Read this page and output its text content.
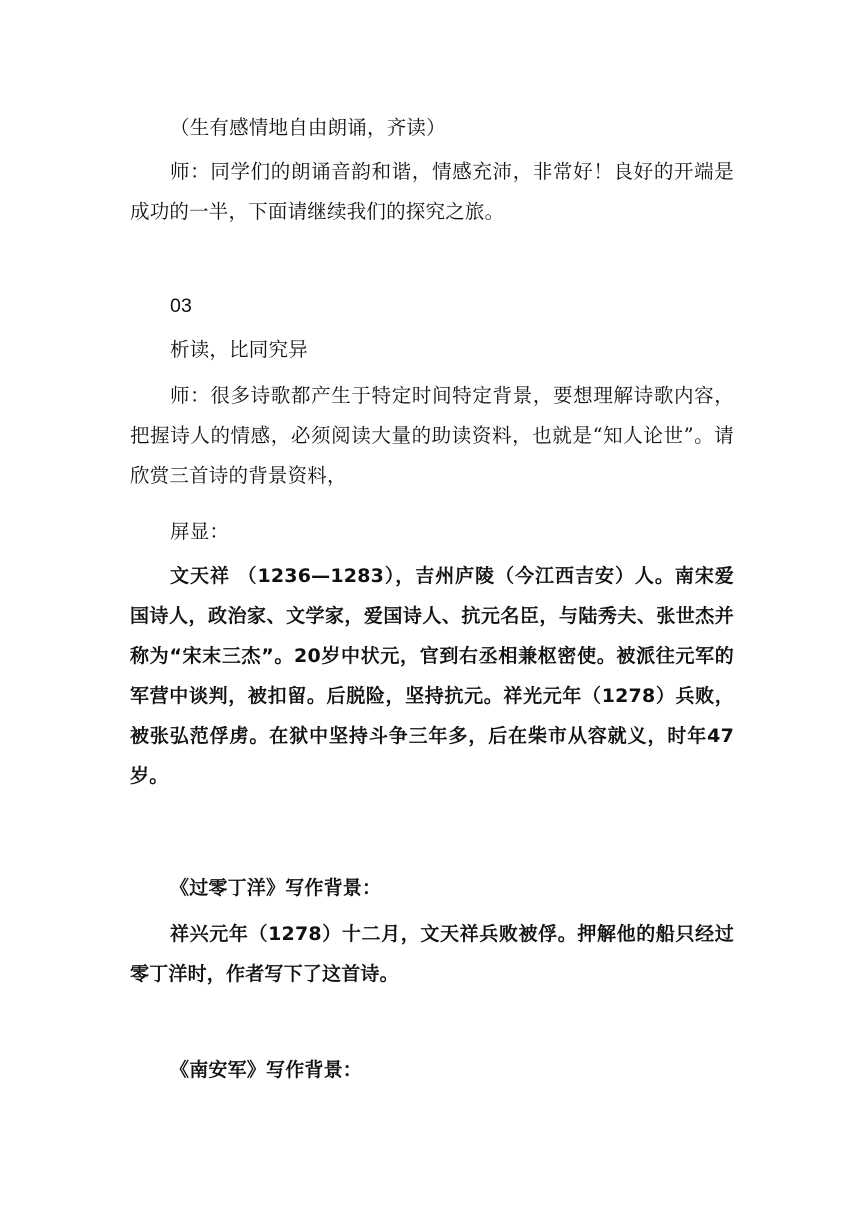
（生有感情地自由朗诵，齐读）

师：同学们的朗诵音韵和谐，情感充沛，非常好！良好的开端是成功的一半，下面请继续我们的探究之旅。

03

析读，比同究异

师：很多诗歌都产生于特定时间特定背景，要想理解诗歌内容，把握诗人的情感，必须阅读大量的助读资料，也就是“知人论世”。请欣赏三首诗的背景资料，

屏显：

文天祥 （1236—1283），吉州庐陵（今江西吉安）人。南宋爱国诗人，政治家、文学家，爱国诗人、抗元名臣，与陆秀夫、张世杰并称为“宋末三杰”。20岁中状元，官到右丞相兼枢密使。被派往元军的军营中谈判，被扣留。后脱险，坚持抗元。祥光元年（1278）兵败，被张弘范俘虏。在狱中坚持斗争三年多，后在柴市从容就义，时年47岁。

《过零丁洋》写作背景：

祥兴元年（1278）十二月，文天祥兵败被俘。押解他的船只经过零丁洋时，作者写下了这首诗。

《南安军》写作背景：
